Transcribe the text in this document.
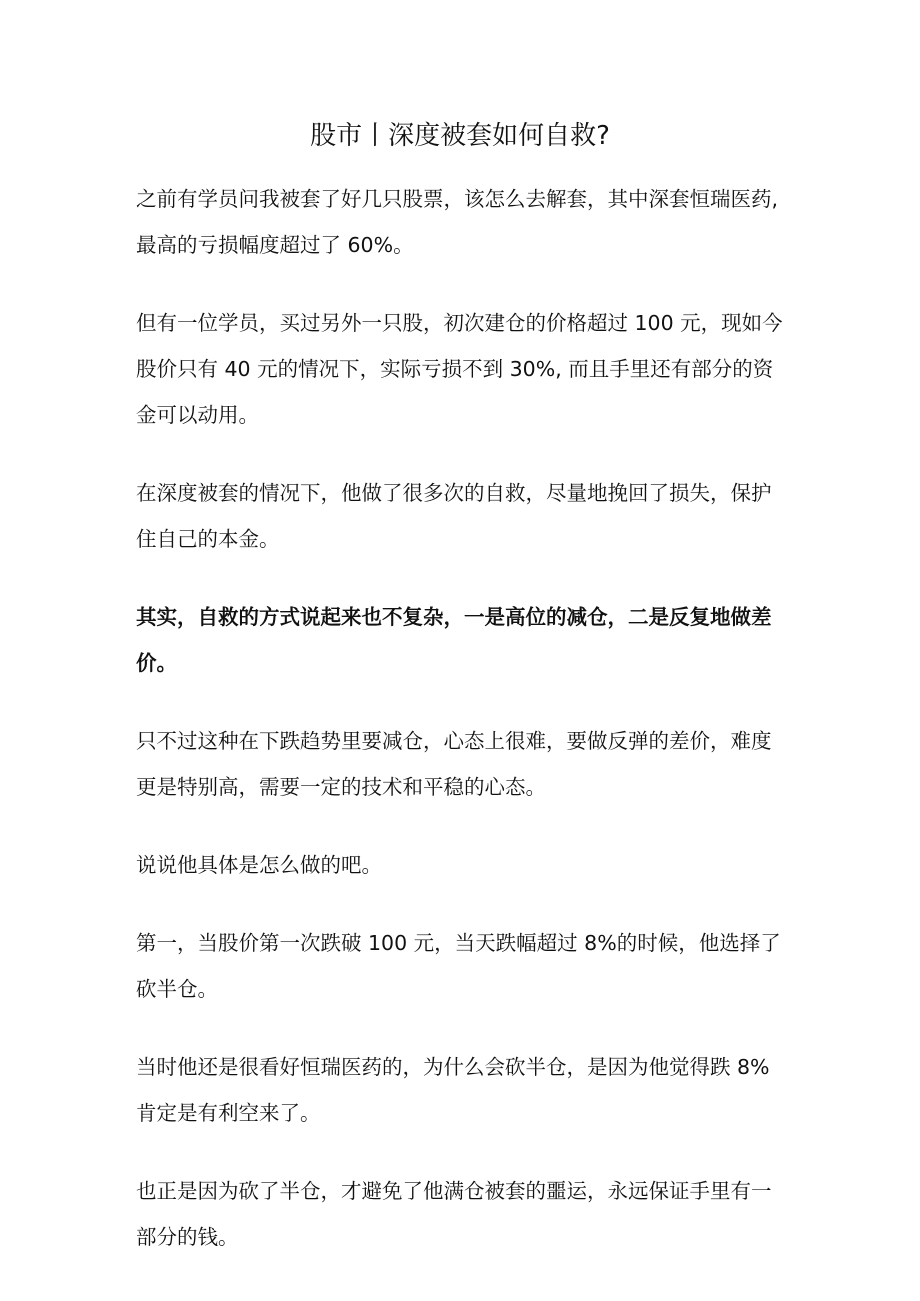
股市丨深度被套如何自救?

之前有学员问我被套了好几只股票，该怎么去解套，其中深套恒瑞医药,最高的亏损幅度超过了 60%。

但有一位学员，买过另外一只股，初次建仓的价格超过 100 元，现如今股价只有 40 元的情况下，实际亏损不到 30%, 而且手里还有部分的资金可以动用。

在深度被套的情况下，他做了很多次的自救，尽量地挽回了损失，保护住自己的本金。

其实，自救的方式说起来也不复杂，一是高位的减仓，二是反复地做差价。

只不过这种在下跌趋势里要减仓，心态上很难，要做反弹的差价，难度更是特别高，需要一定的技术和平稳的心态。

说说他具体是怎么做的吧。

第一，当股价第一次跌破 100 元，当天跌幅超过 8%的时候，他选择了砍半仓。

当时他还是很看好恒瑞医药的，为什么会砍半仓，是因为他觉得跌 8%肯定是有利空来了。

也正是因为砍了半仓，才避免了他满仓被套的噩运，永远保证手里有一部分的钱。
